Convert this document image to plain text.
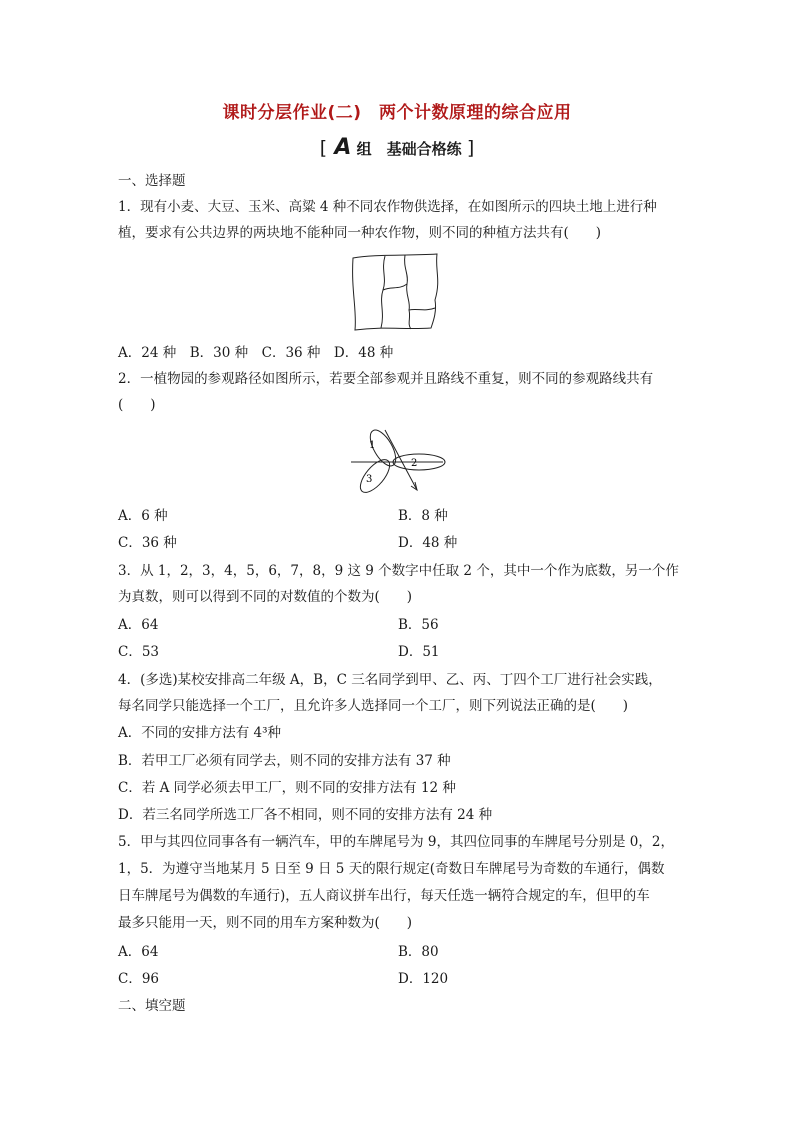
课时分层作业(二)　两个计数原理的综合应用
[ A 组　基础合格练 ]
一、选择题
1．现有小麦、大豆、玉米、高粱 4 种不同农作物供选择，在如图所示的四块土地上进行种
植，要求有公共边界的两块地不能种同一种农作物，则不同的种植方法共有(　　)
A．24 种　B．30 种　C．36 种　D．48 种
2．一植物园的参观路径如图所示，若要全部参观并且路线不重复，则不同的参观路线共有
(　　)
1
2
3
A．6 种	B．8 种
C．36 种	D．48 种
3．从 1，2，3，4，5，6，7，8，9 这 9 个数字中任取 2 个，其中一个作为底数，另一个作
为真数，则可以得到不同的对数值的个数为(　　)
A．64	B．56
C．53	D．51
4．(多选)某校安排高二年级 A，B，C 三名同学到甲、乙、丙、丁四个工厂进行社会实践，
每名同学只能选择一个工厂，且允许多人选择同一个工厂，则下列说法正确的是(　　)
A．不同的安排方法有 4³种
B．若甲工厂必须有同学去，则不同的安排方法有 37 种
C．若 A 同学必须去甲工厂，则不同的安排方法有 12 种
D．若三名同学所选工厂各不相同，则不同的安排方法有 24 种
5．甲与其四位同事各有一辆汽车，甲的车牌尾号为 9，其四位同事的车牌尾号分别是 0，2，
1，5．为遵守当地某月 5 日至 9 日 5 天的限行规定(奇数日车牌尾号为奇数的车通行，偶数
日车牌尾号为偶数的车通行)，五人商议拼车出行，每天任选一辆符合规定的车，但甲的车
最多只能用一天，则不同的用车方案种数为(　　)
A．64	B．80
C．96	D．120
二、填空题
